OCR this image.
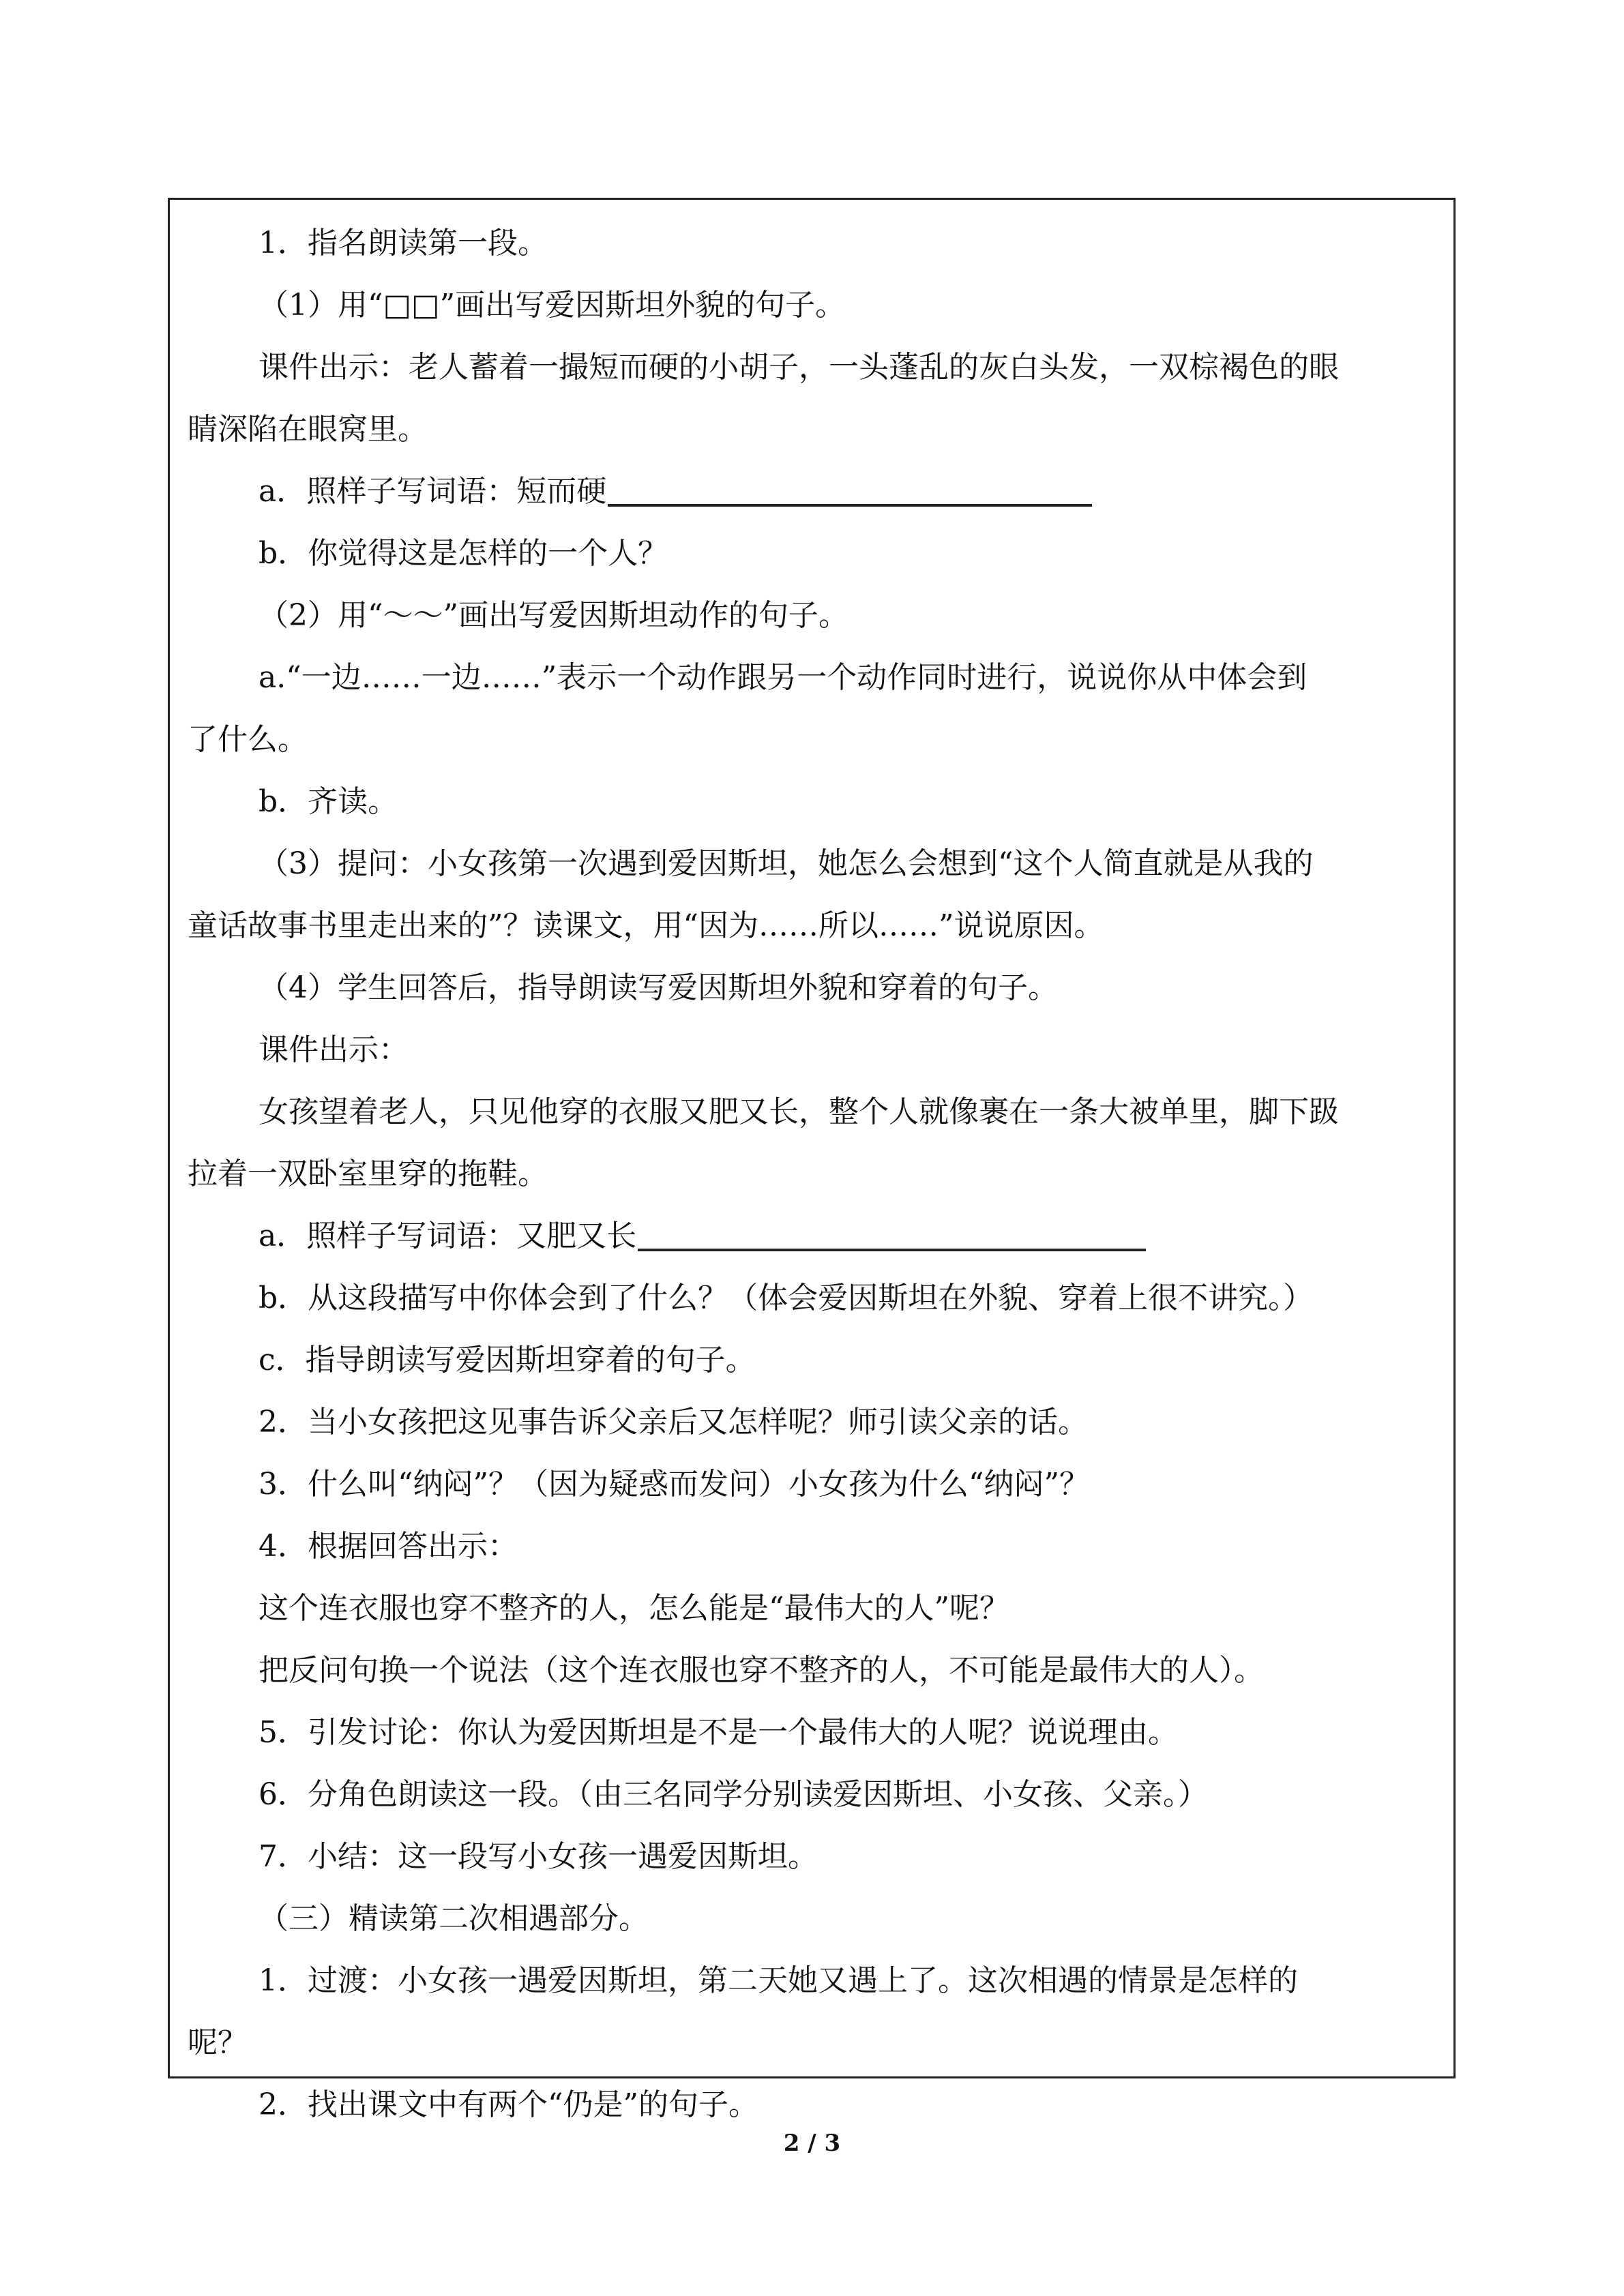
1．指名朗读第一段。
（1）用“□□”画出写爱因斯坦外貌的句子。
课件出示：老人蓄着一撮短而硬的小胡子，一头蓬乱的灰白头发，一双棕褐色的眼
睛深陷在眼窝里。
a．照样子写词语：短而硬
b．你觉得这是怎样的一个人？
（2）用“～～”画出写爱因斯坦动作的句子。
a.“一边……一边……”表示一个动作跟另一个动作同时进行，说说你从中体会到
了什么。
b．齐读。
（3）提问：小女孩第一次遇到爱因斯坦，她怎么会想到“这个人简直就是从我的
童话故事书里走出来的”？读课文，用“因为……所以……”说说原因。
（4）学生回答后，指导朗读写爱因斯坦外貌和穿着的句子。
课件出示：
女孩望着老人，只见他穿的衣服又肥又长，整个人就像裹在一条大被单里，脚下趿
拉着一双卧室里穿的拖鞋。
a．照样子写词语：又肥又长
b．从这段描写中你体会到了什么？（体会爱因斯坦在外貌、穿着上很不讲究。）
c．指导朗读写爱因斯坦穿着的句子。
2．当小女孩把这见事告诉父亲后又怎样呢？师引读父亲的话。
3．什么叫“纳闷”？（因为疑惑而发问）小女孩为什么“纳闷”？
4．根据回答出示：
这个连衣服也穿不整齐的人，怎么能是“最伟大的人”呢？
把反问句换一个说法（这个连衣服也穿不整齐的人，不可能是最伟大的人）。
5．引发讨论：你认为爱因斯坦是不是一个最伟大的人呢？说说理由。
6．分角色朗读这一段。（由三名同学分别读爱因斯坦、小女孩、父亲。）
7．小结：这一段写小女孩一遇爱因斯坦。
（三）精读第二次相遇部分。
1．过渡：小女孩一遇爱因斯坦，第二天她又遇上了。这次相遇的情景是怎样的
呢？
2．找出课文中有两个“仍是”的句子。
2 / 3
